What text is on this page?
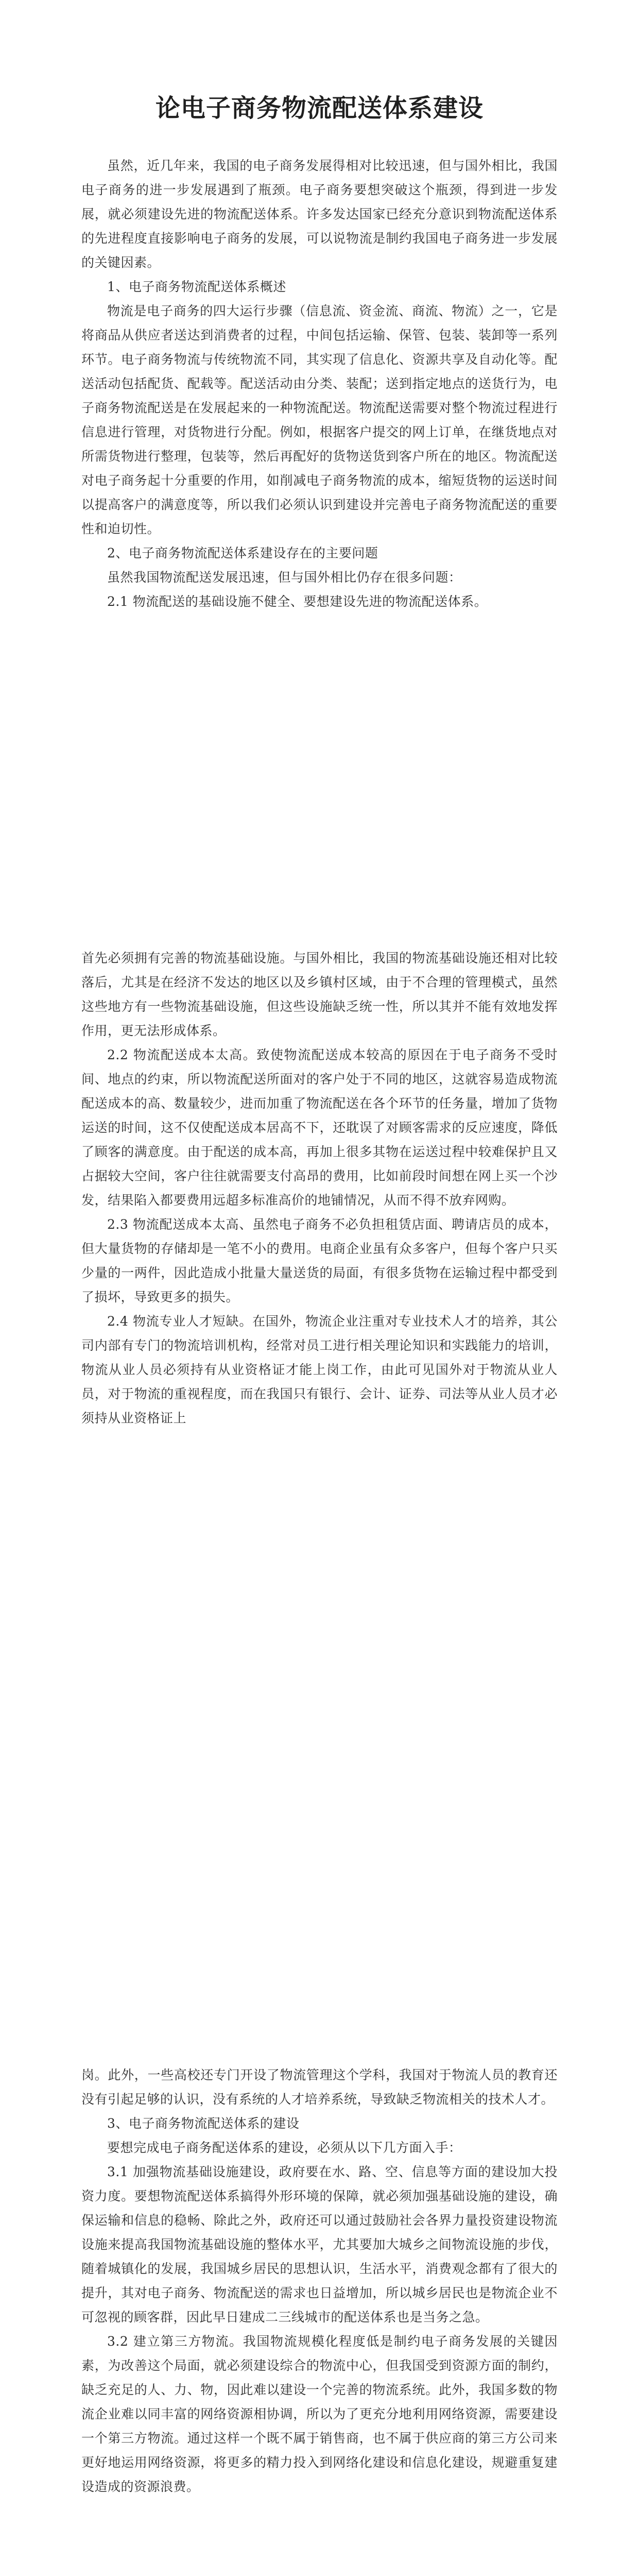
论电子商务物流配送体系建设

虽然，近几年来，我国的电子商务发展得相对比较迅速，但与国外相比，我国电子商务的进一步发展遇到了瓶颈。电子商务要想突破这个瓶颈，得到进一步发展，就必须建设先进的物流配送体系。许多发达国家已经充分意识到物流配送体系的先进程度直接影响电子商务的发展，可以说物流是制约我国电子商务进一步发展的关键因素。

1、电子商务物流配送体系概述

物流是电子商务的四大运行步骤（信息流、资金流、商流、物流）之一，它是将商品从供应者送达到消费者的过程，中间包括运输、保管、包装、装卸等一系列环节。电子商务物流与传统物流不同，其实现了信息化、资源共享及自动化等。配送活动包括配货、配载等。配送活动由分类、装配；送到指定地点的送货行为，电子商务物流配送是在发展起来的一种物流配送。物流配送需要对整个物流过程进行信息进行管理，对货物进行分配。例如，根据客户提交的网上订单，在继货地点对所需货物进行整理，包装等，然后再配好的货物送货到客户所在的地区。物流配送对电子商务起十分重要的作用，如削减电子商务物流的成本，缩短货物的运送时间以提高客户的满意度等，所以我们必须认识到建设并完善电子商务物流配送的重要性和迫切性。

2、电子商务物流配送体系建设存在的主要问题

虽然我国物流配送发展迅速，但与国外相比仍存在很多问题：

2.1 物流配送的基础设施不健全、要想建设先进的物流配送体系。

首先必须拥有完善的物流基础设施。与国外相比，我国的物流基础设施还相对比较落后，尤其是在经济不发达的地区以及乡镇村区域，由于不合理的管理模式，虽然这些地方有一些物流基础设施，但这些设施缺乏统一性，所以其并不能有效地发挥作用，更无法形成体系。

2.2 物流配送成本太高。致使物流配送成本较高的原因在于电子商务不受时间、地点的约束，所以物流配送所面对的客户处于不同的地区，这就容易造成物流配送成本的高、数量较少，进而加重了物流配送在各个环节的任务量，增加了货物运送的时间，这不仅使配送成本居高不下，还耽误了对顾客需求的反应速度，降低了顾客的满意度。由于配送的成本高，再加上很多其物在运送过程中较难保护且又占据较大空间，客户往往就需要支付高昂的费用，比如前段时间想在网上买一个沙发，结果陷入都要费用远超多标准高价的地铺情况，从而不得不放弃网购。

2.3 物流配送成本太高、虽然电子商务不必负担租赁店面、聘请店员的成本，但大量货物的存储却是一笔不小的费用。电商企业虽有众多客户，但每个客户只买少量的一两件，因此造成小批量大量送货的局面，有很多货物在运输过程中都受到了损坏，导致更多的损失。

2.4 物流专业人才短缺。在国外，物流企业注重对专业技术人才的培养，其公司内部有专门的物流培训机构，经常对员工进行相关理论知识和实践能力的培训，物流从业人员必须持有从业资格证才能上岗工作，由此可见国外对于物流从业人员，对于物流的重视程度，而在我国只有银行、会计、证券、司法等从业人员才必须持从业资格证上

岗。此外，一些高校还专门开设了物流管理这个学科，我国对于物流人员的教育还没有引起足够的认识，没有系统的人才培养系统，导致缺乏物流相关的技术人才。

3、电子商务物流配送体系的建设

要想完成电子商务配送体系的建设，必须从以下几方面入手：

3.1 加强物流基础设施建设，政府要在水、路、空、信息等方面的建设加大投资力度。要想物流配送体系搞得外形环境的保障，就必须加强基础设施的建设，确保运输和信息的稳畅、除此之外，政府还可以通过鼓励社会各界力量投资建设物流设施来提高我国物流基础设施的整体水平，尤其要加大城乡之间物流设施的步伐，随着城镇化的发展，我国城乡居民的思想认识，生活水平，消费观念都有了很大的提升，其对电子商务、物流配送的需求也日益增加，所以城乡居民也是物流企业不可忽视的顾客群，因此早日建成二三线城市的配送体系也是当务之急。

3.2 建立第三方物流。我国物流规模化程度低是制约电子商务发展的关键因素，为改善这个局面，就必须建设综合的物流中心，但我国受到资源方面的制约，缺乏充足的人、力、物，因此难以建设一个完善的物流系统。此外，我国多数的物流企业难以同丰富的网络资源相协调，所以为了更充分地利用网络资源，需要建设一个第三方物流。通过这样一个既不属于销售商，也不属于供应商的第三方公司来更好地运用网络资源，将更多的精力投入到网络化建设和信息化建设，规避重复建设造成的资源浪费。
